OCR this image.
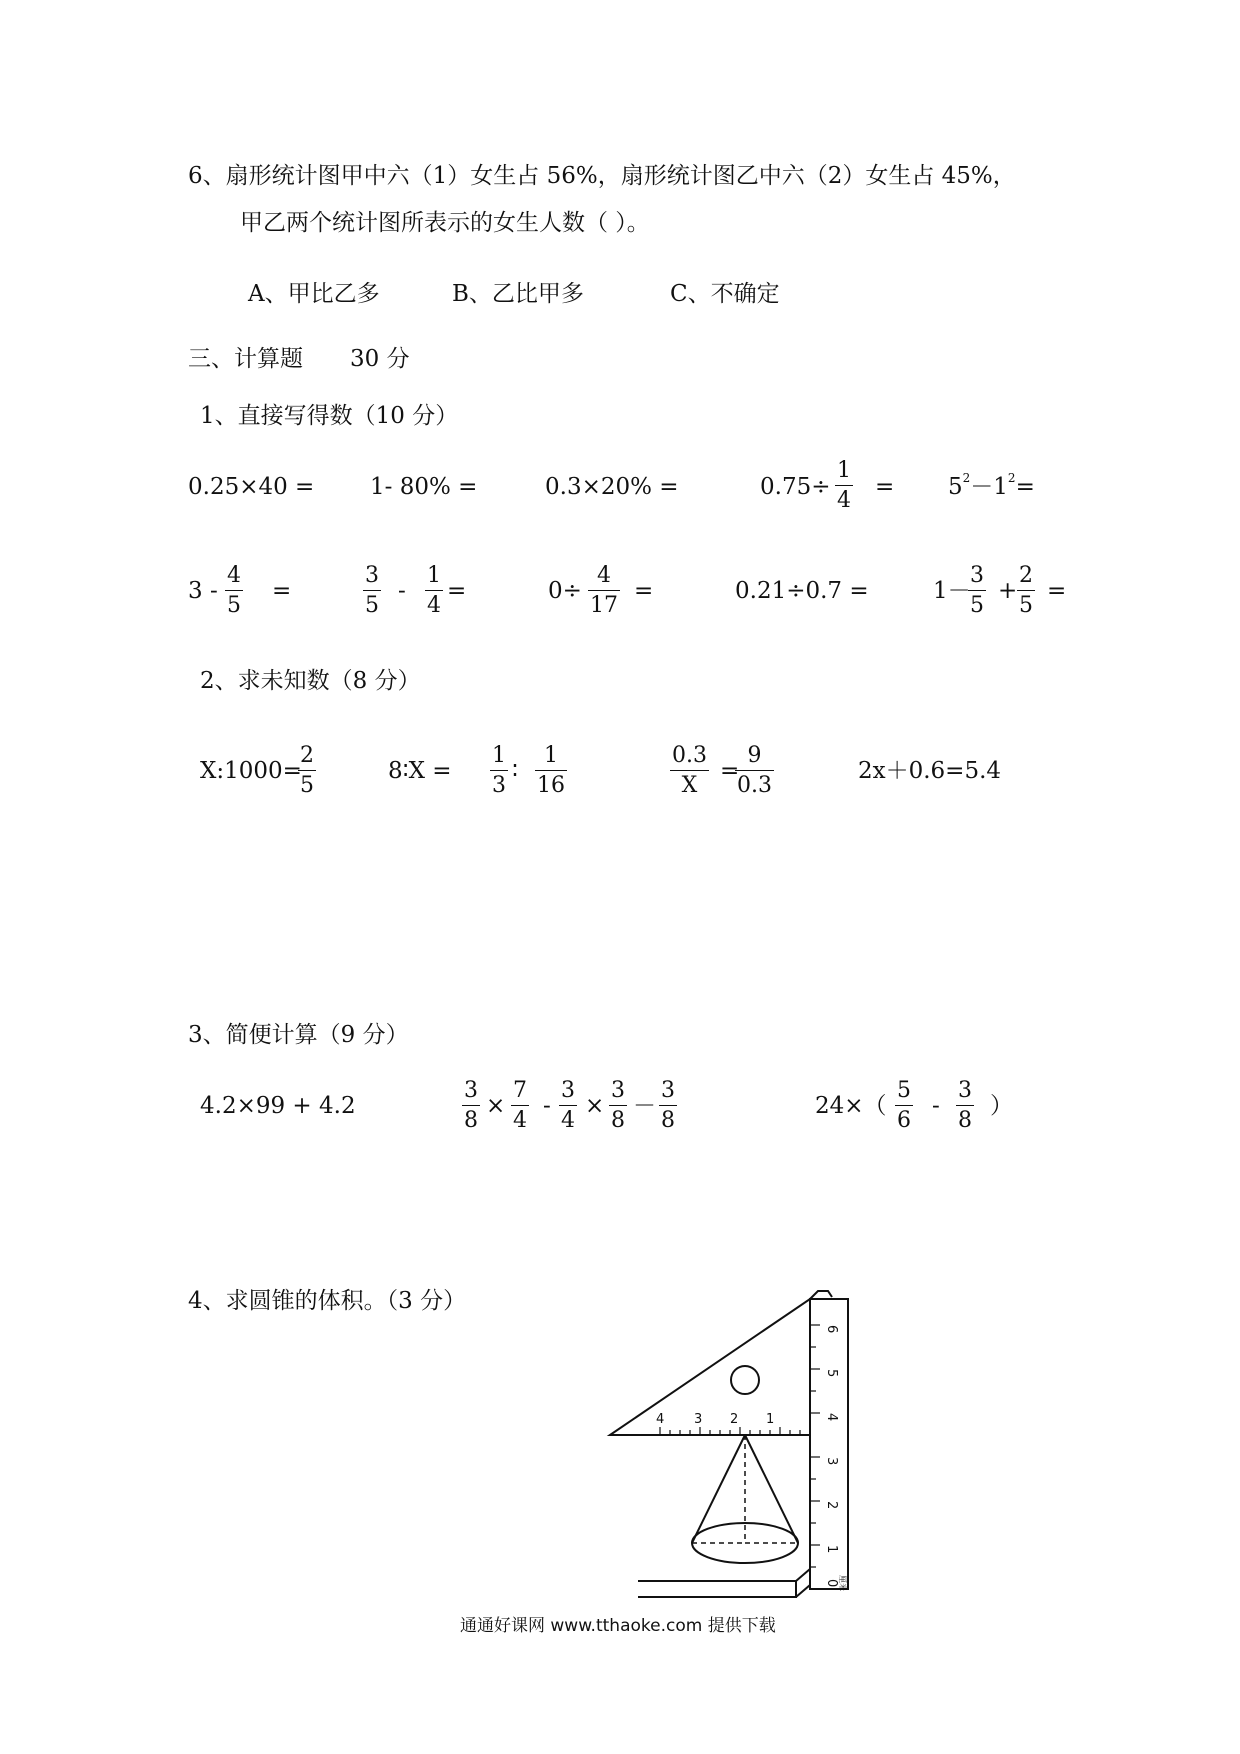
6、扇形统计图甲中六（1）女生占 56%，扇形统计图乙中六（2）女生占 45%，
甲乙两个统计图所表示的女生人数（ ）。
A、甲比乙多	B、乙比甲多	C、不确定
三、计算题 30 分
1、直接写得数（10 分）
0.25×40 = 1- 80% =	0.3×20% =	0.75÷
1
4
= $5^2-1^2=$
3 -
4
5
=
3
5
-
1
4
=	0÷
4
17
=	0.21÷0.7 =	1－
3
5
+
2
5
=
2、求未知数（8 分）
X:1000=
2
5
8∶X =
1
3
∶
1
16
0.3
X
=
9
0.3
2x＋0.6=5.4
3、简便计算（9 分）
4.2×99 + 4.2
3
8
×
7
4
-
3
4
×
3
8
－
3
8
24×（
5
6
-
3
8
）
4、求圆锥的体积。（3 分）
4 3 2 1
6
5
4
3
2
1
0 厘米
通通好课网 www.tthaoke.com 提供下载
